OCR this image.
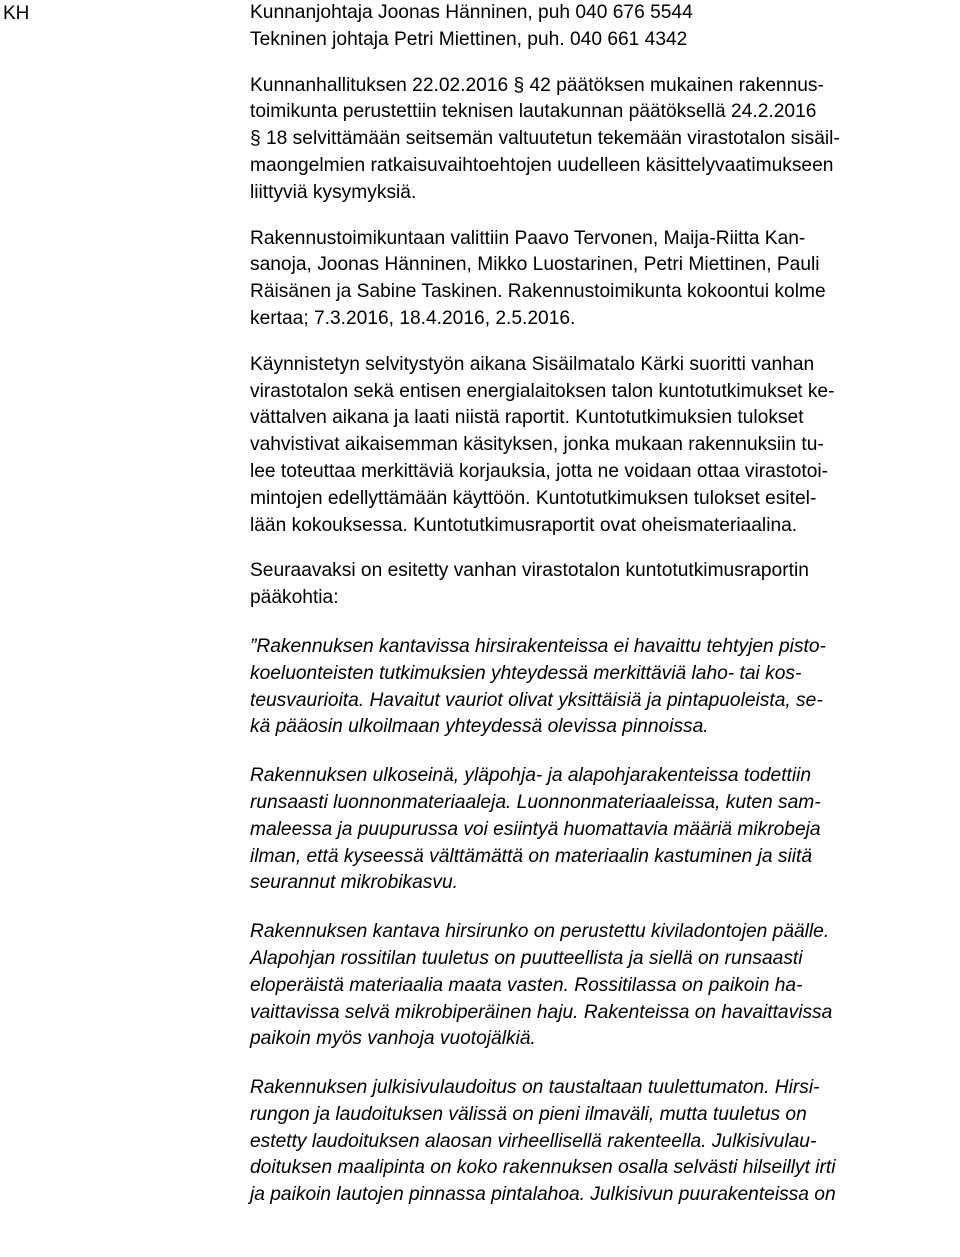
KH	Kunnanjohtaja Joonas Hänninen, puh 040 676 5544
Tekninen johtaja Petri Miettinen, puh. 040 661 4342
Kunnanhallituksen 22.02.2016 § 42 päätöksen mukainen rakennus-
toimikunta perustettiin teknisen lautakunnan päätöksellä 24.2.2016
§ 18 selvittämään seitsemän valtuutetun tekemään virastotalon sisäil-
maongelmien ratkaisuvaihtoehtojen uudelleen käsittelyvaatimukseen
liittyviä kysymyksiä.
Rakennustoimikuntaan valittiin Paavo Tervonen, Maija-Riitta Kan-
sanoja, Joonas Hänninen, Mikko Luostarinen, Petri Miettinen, Pauli
Räisänen ja Sabine Taskinen. Rakennustoimikunta kokoontui kolme
kertaa; 7.3.2016, 18.4.2016, 2.5.2016.
Käynnistetyn selvitystyön aikana Sisäilmatalo Kärki suoritti vanhan
virastotalon sekä entisen energialaitoksen talon kuntotutkimukset ke-
vättalven aikana ja laati niistä raportit. Kuntotutkimuksien tulokset
vahvistivat aikaisemman käsityksen, jonka mukaan rakennuksiin tu-
lee toteuttaa merkittäviä korjauksia, jotta ne voidaan ottaa virastotoi-
mintojen edellyttämään käyttöön. Kuntotutkimuksen tulokset esitel-
lään kokouksessa. Kuntotutkimusraportit ovat oheismateriaalina.
Seuraavaksi on esitetty vanhan virastotalon kuntotutkimusraportin
pääkohtia:
”Rakennuksen kantavissa hirsirakenteissa ei havaittu tehtyjen pisto-
koeluonteisten tutkimuksien yhteydessä merkittäviä laho- tai kos-
teusvaurioita. Havaitut vauriot olivat yksittäisiä ja pintapuoleista, se-
kä pääosin ulkoilmaan yhteydessä olevissa pinnoissa.
Rakennuksen ulkoseinä, yläpohja- ja alapohjarakenteissa todettiin
runsaasti luonnonmateriaaleja. Luonnonmateriaaleissa, kuten sam-
maleessa ja puupurussa voi esiintyä huomattavia määriä mikrobeja
ilman, että kyseessä välttämättä on materiaalin kastuminen ja siitä
seurannut mikrobikasvu.
Rakennuksen kantava hirsirunko on perustettu kiviladontojen päälle.
Alapohjan rossitilan tuuletus on puutteellista ja siellä on runsaasti
eloperäistä materiaalia maata vasten. Rossitilassa on paikoin ha-
vaittavissa selvä mikrobiperäinen haju. Rakenteissa on havaittavissa
paikoin myös vanhoja vuotojälkiä.
Rakennuksen julkisivulaudoitus on taustaltaan tuulettumaton. Hirsi-
rungon ja laudoituksen välissä on pieni ilmaväli, mutta tuuletus on
estetty laudoituksen alaosan virheellisellä rakenteella. Julkisivulau-
doituksen maalipinta on koko rakennuksen osalla selvästi hilseillyt irti
ja paikoin lautojen pinnassa pintalahoa. Julkisivun puurakenteissa on
